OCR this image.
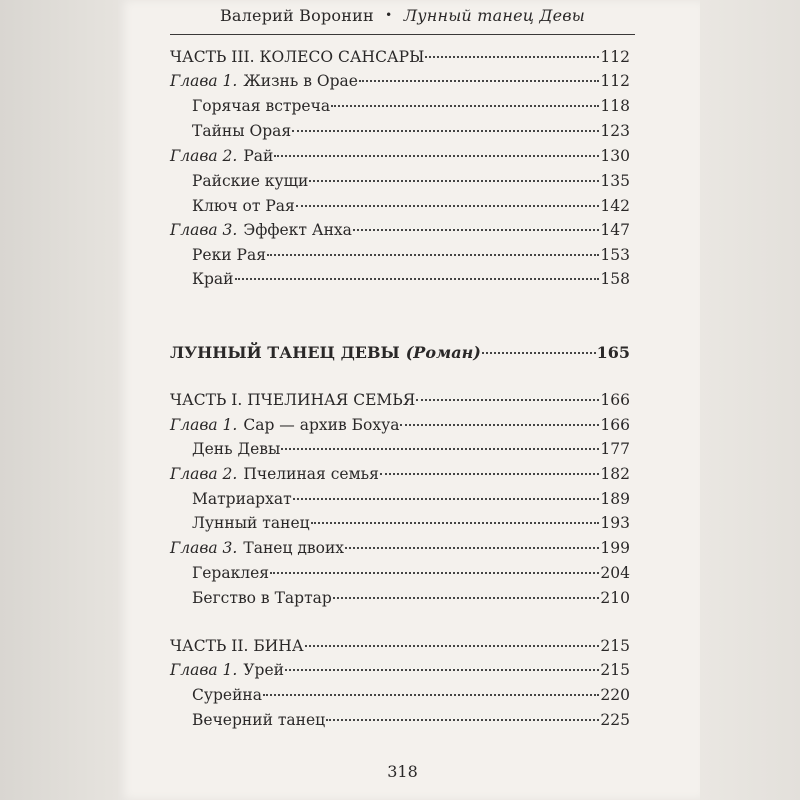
Валерий Воронин • Лунный танец Девы
ЧАСТЬ III. КОЛЕСО САНСАРЫ	112
Глава 1. Жизнь в Орае	112
Горячая встреча	118
Тайны Орая	123
Глава 2. Рай	130
Райские кущи	135
Ключ от Рая	142
Глава 3. Эффект Анха	147
Реки Рая	153
Край	158
ЛУННЫЙ ТАНЕЦ ДЕВЫ (Роман)	165
ЧАСТЬ I. ПЧЕЛИНАЯ СЕМЬЯ	166
Глава 1. Сар — архив Бохуа	166
День Девы	177
Глава 2. Пчелиная семья	182
Матриархат	189
Лунный танец	193
Глава 3. Танец двоих	199
Гераклея	204
Бегство в Тартар	210
ЧАСТЬ II. БИНА	215
Глава 1. Урей	215
Сурейна	220
Вечерний танец	225
318
